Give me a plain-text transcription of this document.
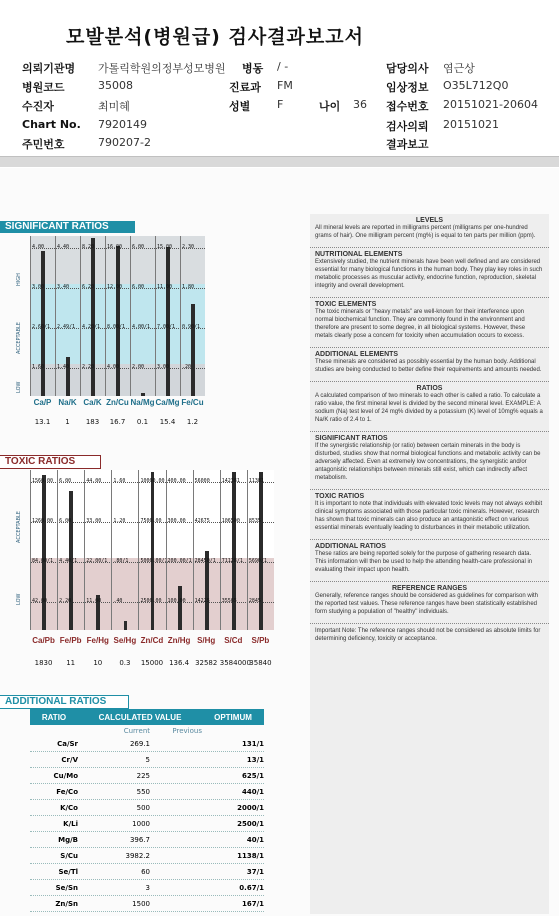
모발분석(병원급) 검사결과보고서
의뢰기관명 가톨릭학원의정부성모병원 병동 / -	담당의사 염근상
병원코드	35008	진료과 FM	임상정보 O35L712Q0
수진자	최미혜	성별 F	나이 36 접수번호 20151021-20604
Chart No. 7920149	검사의뢰 20151021
주민번호	790207-2	결과보고
SIGNIFICANT RATIOS
4.00
3.00
2.60/1
1.60
4.40
3.40
2.49/1
1.40
8.20
6.20
4.20/1
2.20
16.00
12.00
8.00/1
4.00
6.00
6.00
4.00/1
2.00
15.00
11.00
7.00/1
3.00
2.30
1.80
0.90/1
.20
HIGH
ACCEPTABLE
LOW
Ca/P Na/K Ca/K Zn/Cu Na/Mg Ca/Mg Fe/Cu
13.1	1	183	16.7	0.1	15.4	1.2
TOXIC RATIOS
1560.00
1260.00
84.00/1
42.00
6.00
6.00
4.40/1
2.20
44.00
33.00
22.00/1
11.00
1.60
1.20
.80/1
.40
10000.00
7500.00
5000.00/1
2500.00
400.00
300.00
200.00/1
100.00
56000
42675
28450/1
14225
142381
106500
71128/1
35565
11381
8535
5690/1
2845
ACCEPTABLE
LOW
Ca/Pb Fe/Pb Fe/Hg Se/Hg Zn/Cd Zn/Hg S/Hg	S/Cd	S/Pb
1830	11	10	0.3	15000 136.4 32582 3584000
35840
ADDITIONAL RATIOS
RATIO	CALCULATED VALUE	OPTIMUM
Current	Previous
Ca/Sr	269.1	131/1
Cr/V	5	13/1
Cu/Mo	225	625/1
Fe/Co	550	440/1
K/Co	500	2000/1
K/Li	1000	2500/1
Mg/B	396.7	40/1
S/Cu	3982.2	1138/1
Se/Tl	60	37/1
Se/Sn	3	0.67/1
Zn/Sn	1500	167/1
LEVELS
All mineral levels are reported in milligrams percent (milligrams per one-hundred grams of hair). One milligram percent (mg%) is equal to ten parts per million (ppm).
NUTRITIONAL ELEMENTS
Extensively studied, the nutrient minerals have been well defined and are considered essential for many biological functions in the human body. They play key roles in such metabolic processes as muscular activity, endocrine function, reproduction, skeletal integrity and overall development.
TOXIC ELEMENTS
The toxic minerals or "heavy metals" are well-known for their interference upon normal biochemical function. They are commonly found in the environment and therefore are present to some degree, in all biological systems. However, these metals clearly pose a concern for toxicity when accumulation occurs to excess.
ADDITIONAL ELEMENTS
These minerals are considered as possibly essential by the human body. Additional studies are being conducted to better define their requirements and amounts needed.
RATIOS
A calculated comparison of two minerals to each other is called a ratio. To calculate a ratio value, the first mineral level is divided by the second mineral level. EXAMPLE: A sodium (Na) test level of 24 mg% divided by a potassium (K) level of 10mg% equals a Na/K ratio of 2.4 to 1.
SIGNIFICANT RATIOS
If the synergistic relationship (or ratio) between certain minerals in the body is disturbed, studies show that normal biological functions and metabolic activity can be adversely affected. Even at extremely low concentrations, the synergistic and/or antagonistic relationships between minerals still exist, which can indirectly affect metabolism.
TOXIC RATIOS
It is important to note that individuals with elevated toxic levels may not always exhibit clinical symptoms associated with those particular toxic minerals. However, research has shown that toxic minerals can also produce an antagonistic effect on various essential minerals eventually leading to disturbances in their metabolic utilization.
ADDITIONAL RATIOS
These ratios are being reported solely for the purpose of gathering research data. This information will then be used to help the attending health-care professional in evaluating their impact upon health.
REFERENCE RANGES
Generally, reference ranges should be considered as guidelines for comparison with the reported test values. These reference ranges have been statistically established form studying a population of "healthy" individuals.
Important Note: The reference ranges should not be considered as absolute limits for determining deficiency, toxicity or acceptance.
